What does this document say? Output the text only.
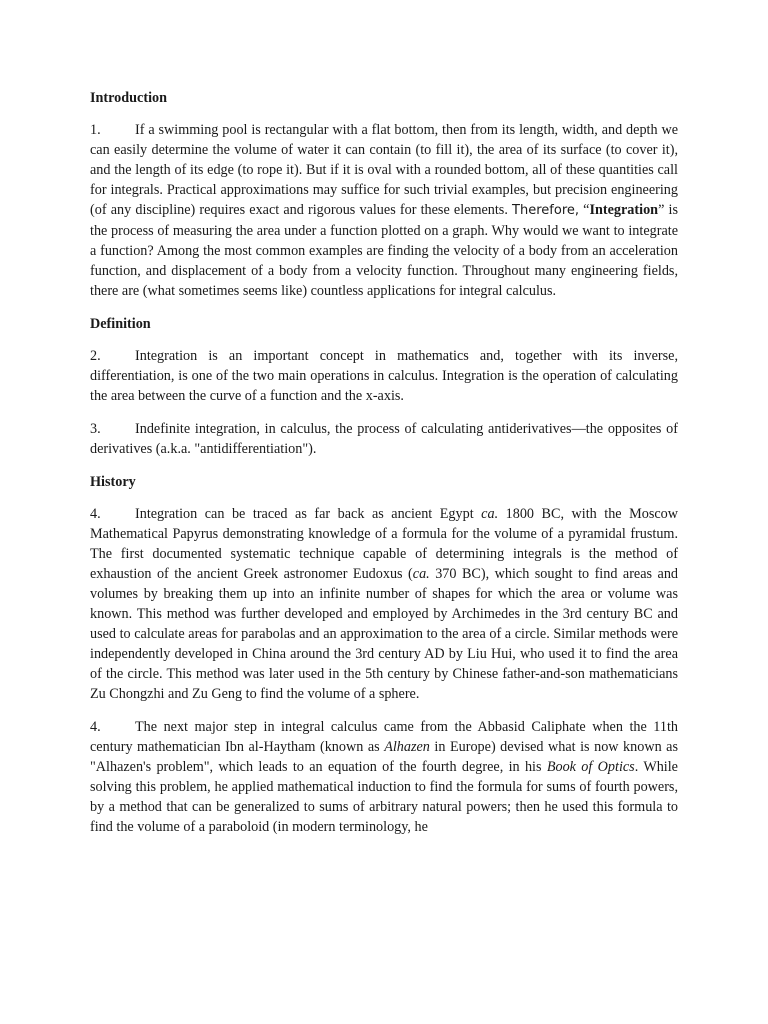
Introduction
1. If a swimming pool is rectangular with a flat bottom, then from its length, width, and depth we can easily determine the volume of water it can contain (to fill it), the area of its surface (to cover it), and the length of its edge (to rope it). But if it is oval with a rounded bottom, all of these quantities call for integrals. Practical approximations may suffice for such trivial examples, but precision engineering (of any discipline) requires exact and rigorous values for these elements. Therefore, “Integration” is the process of measuring the area under a function plotted on a graph. Why would we want to integrate a function? Among the most common examples are finding the velocity of a body from an acceleration function, and displacement of a body from a velocity function. Throughout many engineering fields, there are (what sometimes seems like) countless applications for integral calculus.
Definition
2. Integration is an important concept in mathematics and, together with its inverse, differentiation, is one of the two main operations in calculus. Integration is the operation of calculating the area between the curve of a function and the x-axis.
3. Indefinite integration, in calculus, the process of calculating antiderivatives—the opposites of derivatives (a.k.a. "antidifferentiation").
History
4. Integration can be traced as far back as ancient Egypt ca. 1800 BC, with the Moscow Mathematical Papyrus demonstrating knowledge of a formula for the volume of a pyramidal frustum. The first documented systematic technique capable of determining integrals is the method of exhaustion of the ancient Greek astronomer Eudoxus (ca. 370 BC), which sought to find areas and volumes by breaking them up into an infinite number of shapes for which the area or volume was known. This method was further developed and employed by Archimedes in the 3rd century BC and used to calculate areas for parabolas and an approximation to the area of a circle. Similar methods were independently developed in China around the 3rd century AD by Liu Hui, who used it to find the area of the circle. This method was later used in the 5th century by Chinese father-and-son mathematicians Zu Chongzhi and Zu Geng to find the volume of a sphere.
4. The next major step in integral calculus came from the Abbasid Caliphate when the 11th century mathematician Ibn al-Haytham (known as Alhazen in Europe) devised what is now known as "Alhazen's problem", which leads to an equation of the fourth degree, in his Book of Optics. While solving this problem, he applied mathematical induction to find the formula for sums of fourth powers, by a method that can be generalized to sums of arbitrary natural powers; then he used this formula to find the volume of a paraboloid (in modern terminology, he
